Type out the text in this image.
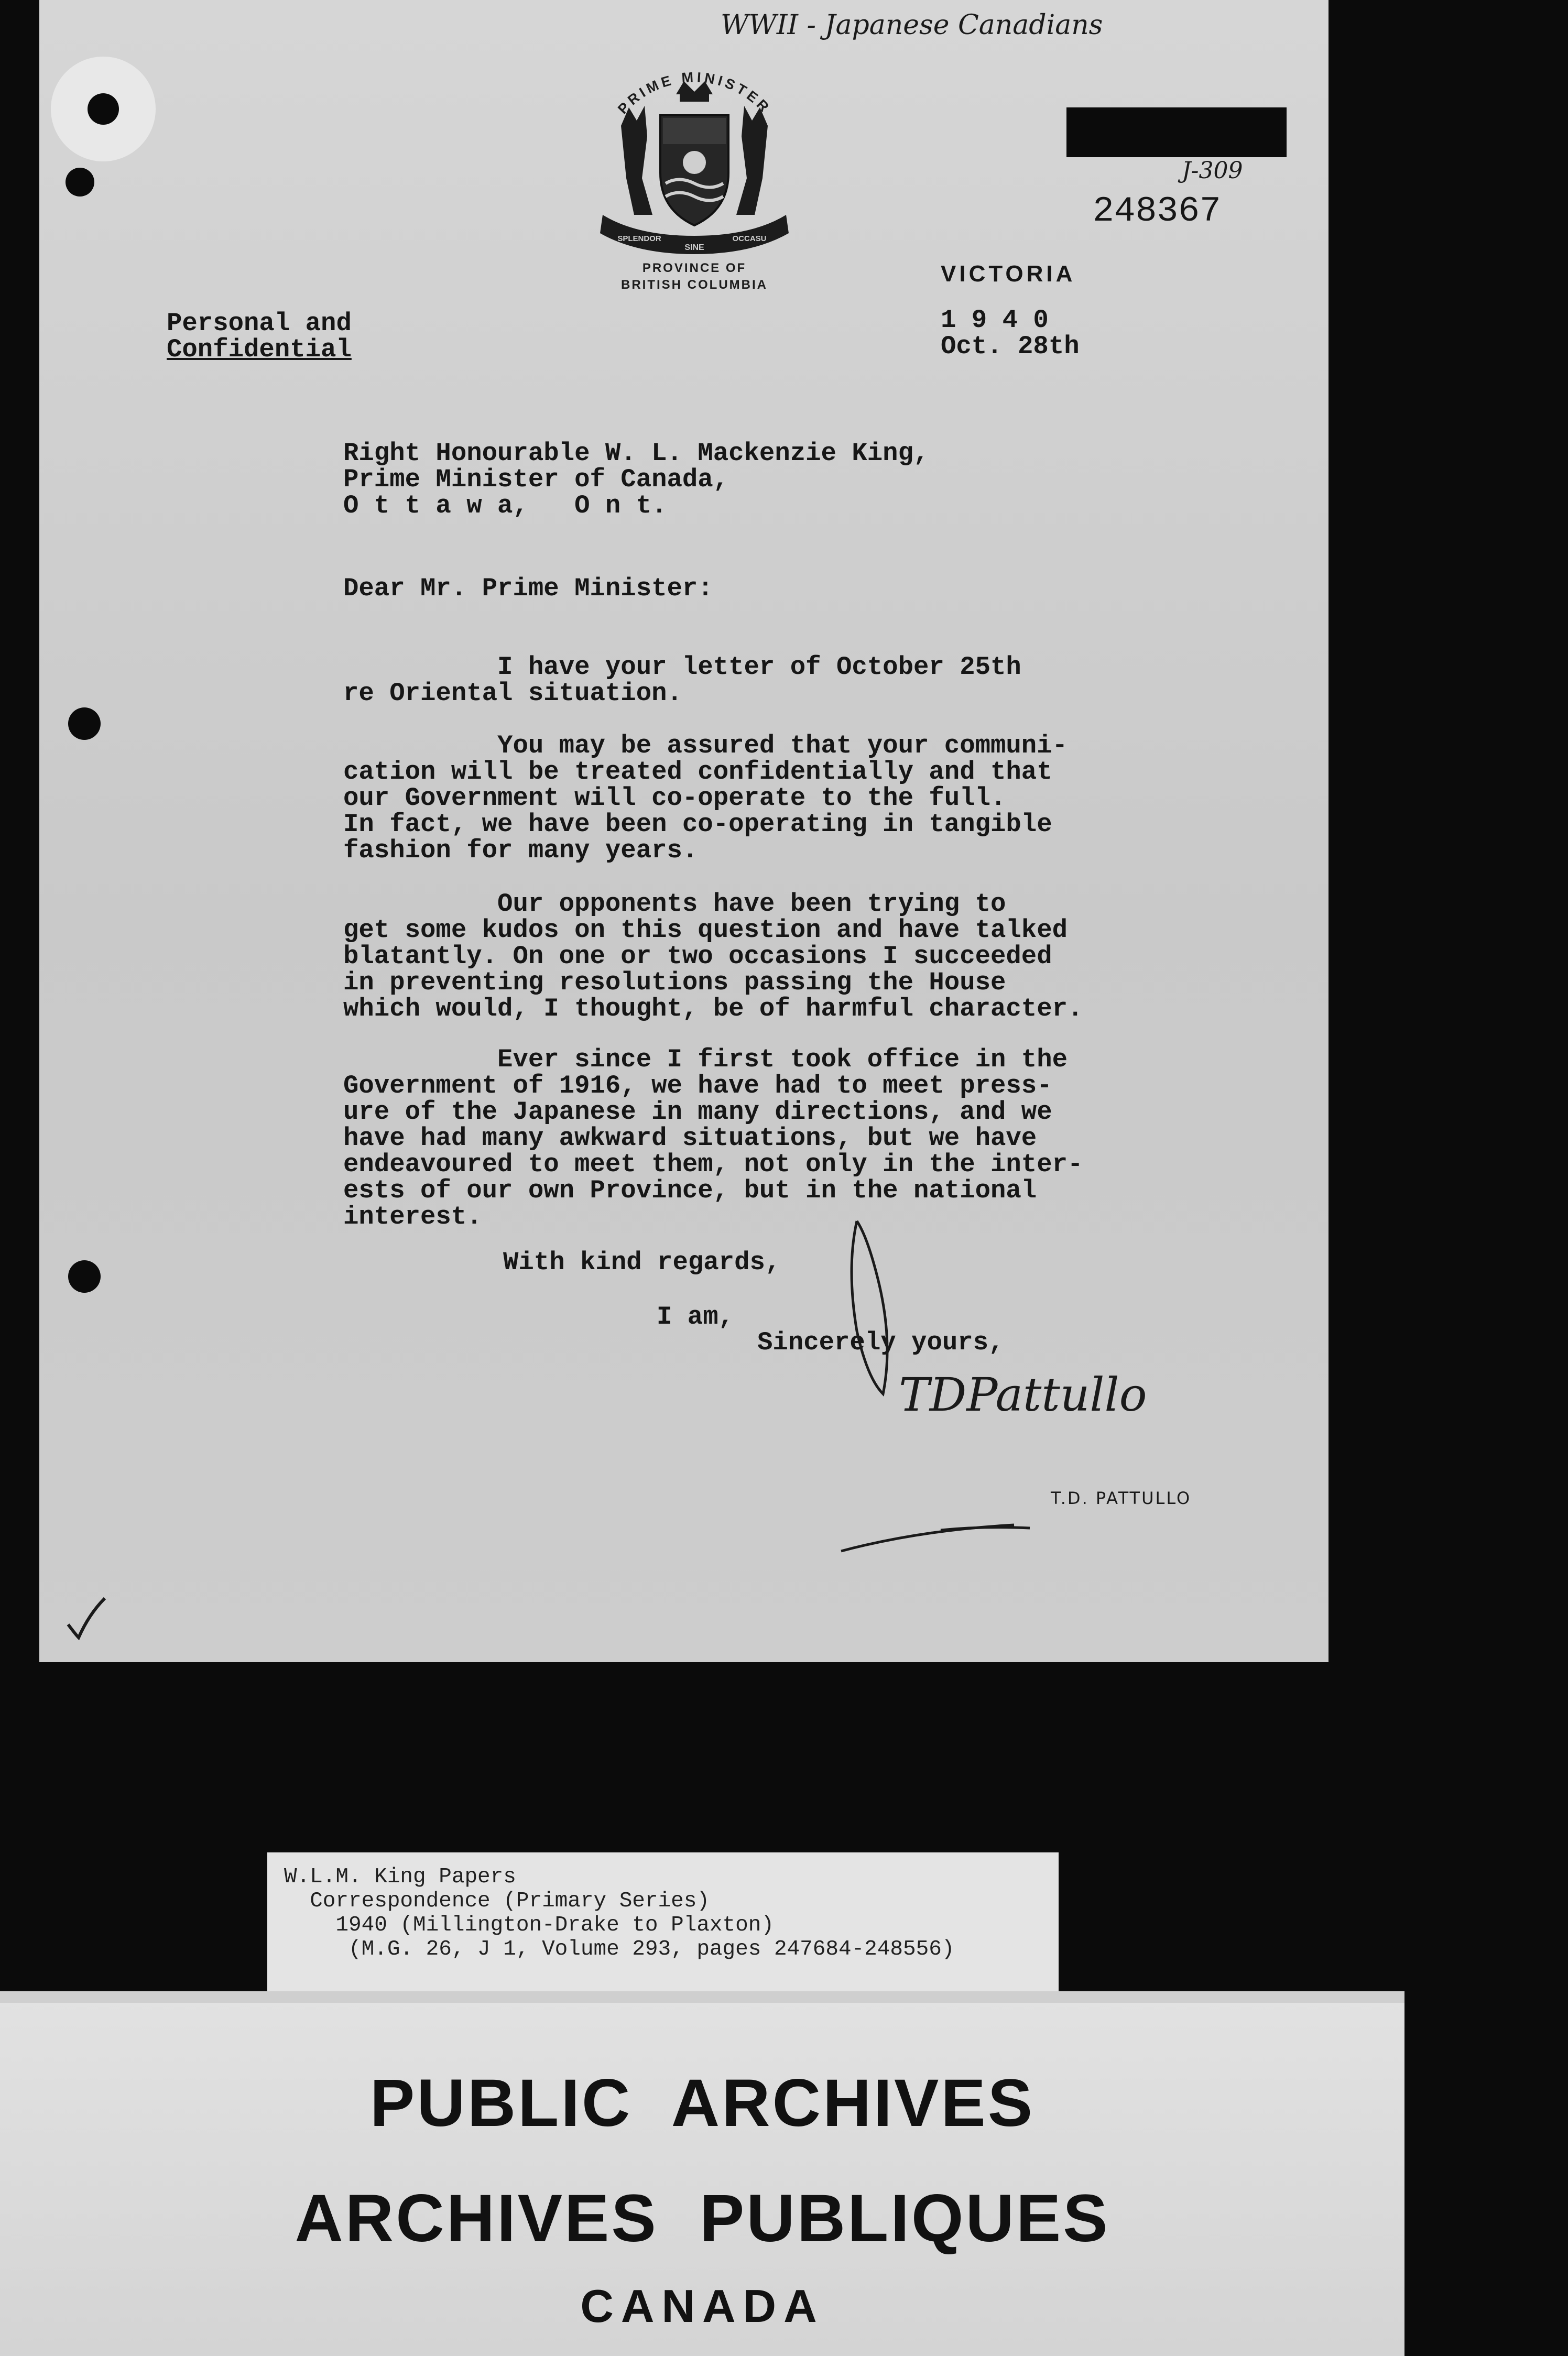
SINE
SPLENDOR	OCCASU
PRIME MINISTER
PROVINCE OF
BRITISH COLUMBIA
WWII - Japanese Canadians
J-309
248367
VICTORIA
Personal and
Confidential
1 9 4 0
Oct. 28th
Right Honourable W. L. Mackenzie King,
Prime Minister of Canada,
O t t a w a,   O n t.
Dear Mr. Prime Minister:
I have your letter of October 25th
re Oriental situation.
You may be assured that your communi-
cation will be treated confidentially and that
our Government will co-operate to the full.
In fact, we have been co-operating in tangible
fashion for many years.
Our opponents have been trying to
get some kudos on this question and have talked
blatantly. On one or two occasions I succeeded
in preventing resolutions passing the House
which would, I thought, be of harmful character.
Ever since I first took office in the
Government of 1916, we have had to meet press-
ure of the Japanese in many directions, and we
have had many awkward situations, but we have
endeavoured to meet them, not only in the inter-
ests of our own Province, but in the national
interest.
With kind regards,
I am,
Sincerely yours,
TDPattullo
T.D. PATTULLO
W.L.M. King Papers
Correspondence (Primary Series)
1940 (Millington-Drake to Plaxton)
(M.G. 26, J 1, Volume 293, pages 247684-248556)
PUBLIC  ARCHIVES
ARCHIVES  PUBLIQUES
CANADA
